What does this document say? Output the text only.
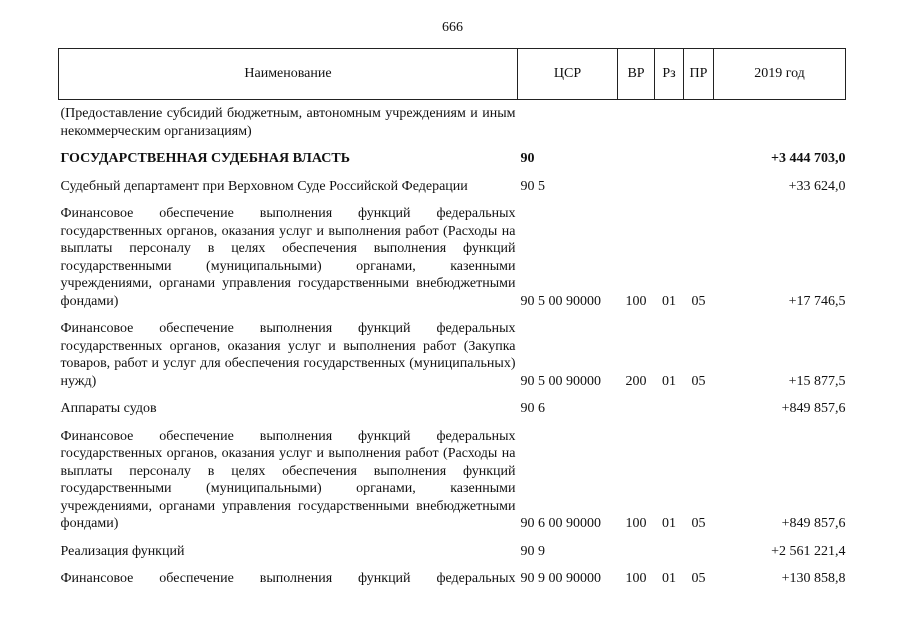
666
Наименование	ЦСР	ВР	Рз	ПР	2019 год
(Предоставление субсидий бюджетным, автономным учреждениям и иным некоммерческим организациям)					
ГОСУДАРСТВЕННАЯ СУДЕБНАЯ ВЛАСТЬ	90				+3 444 703,0
Судебный департамент при Верховном Суде Российской Федерации	90 5				+33 624,0
Финансовое обеспечение выполнения функций федеральных государственных органов, оказания услуг и выполнения работ (Расходы на выплаты персоналу в целях обеспечения выполнения функций государственными (муниципальными) органами, казенными учреждениями, органами управления государственными внебюджетными фондами)	90 5 00 90000	100	01	05	+17 746,5
Финансовое обеспечение выполнения функций федеральных государственных органов, оказания услуг и выполнения работ (Закупка товаров, работ и услуг для обеспечения государственных (муниципальных) нужд)	90 5 00 90000	200	01	05	+15 877,5
Аппараты судов	90 6				+849 857,6
Финансовое обеспечение выполнения функций федеральных государственных органов, оказания услуг и выполнения работ (Расходы на выплаты персоналу в целях обеспечения выполнения функций государственными (муниципальными) органами, казенными учреждениями, органами управления государственными внебюджетными фондами)	90 6 00 90000	100	01	05	+849 857,6
Реализация функций	90 9				+2 561 221,4
Финансовое обеспечение выполнения функций федеральных	90 9 00 90000	100	01	05	+130 858,8
